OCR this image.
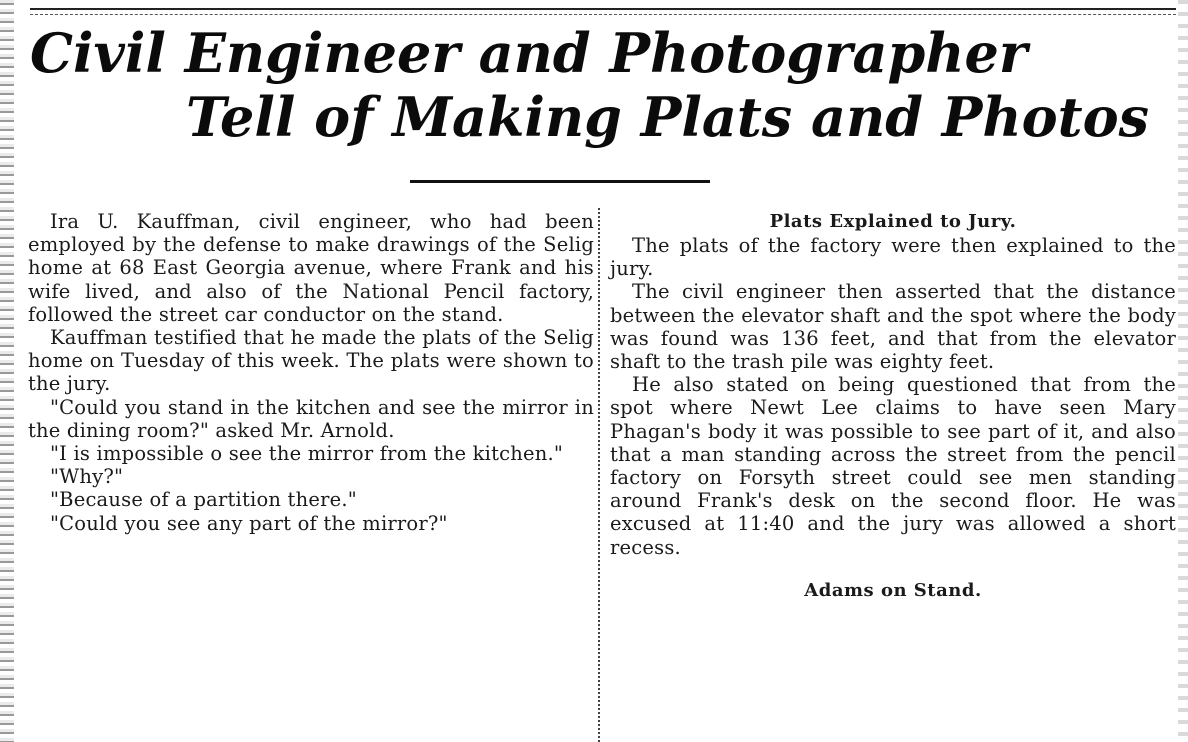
Civil Engineer and Photographer
Tell of Making Plats and Photos

Ira U. Kauffman, civil engineer, who had been employed by the defense to make drawings of the Selig home at 68 East Georgia avenue, where Frank and his wife lived, and also of the National Pencil factory, followed the street car conductor on the stand.

Kauffman testified that he made the plats of the Selig home on Tuesday of this week. The plats were shown to the jury.

"Could you stand in the kitchen and see the mirror in the dining room?" asked Mr. Arnold.

"I is impossible o see the mirror from the kitchen."

"Why?"

"Because of a partition there."

"Could you see any part of the mirror?"

Plats Explained to Jury.

The plats of the factory were then explained to the jury.

The civil engineer then asserted that the distance between the elevator shaft and the spot where the body was found was 136 feet, and that from the elevator shaft to the trash pile was eighty feet.

He also stated on being questioned that from the spot where Newt Lee claims to have seen Mary Phagan's body it was possible to see part of it, and also that a man standing across the street from the pencil factory on Forsyth street could see men standing around Frank's desk on the second floor. He was excused at 11:40 and the jury was allowed a short recess.

Adams on Stand.
